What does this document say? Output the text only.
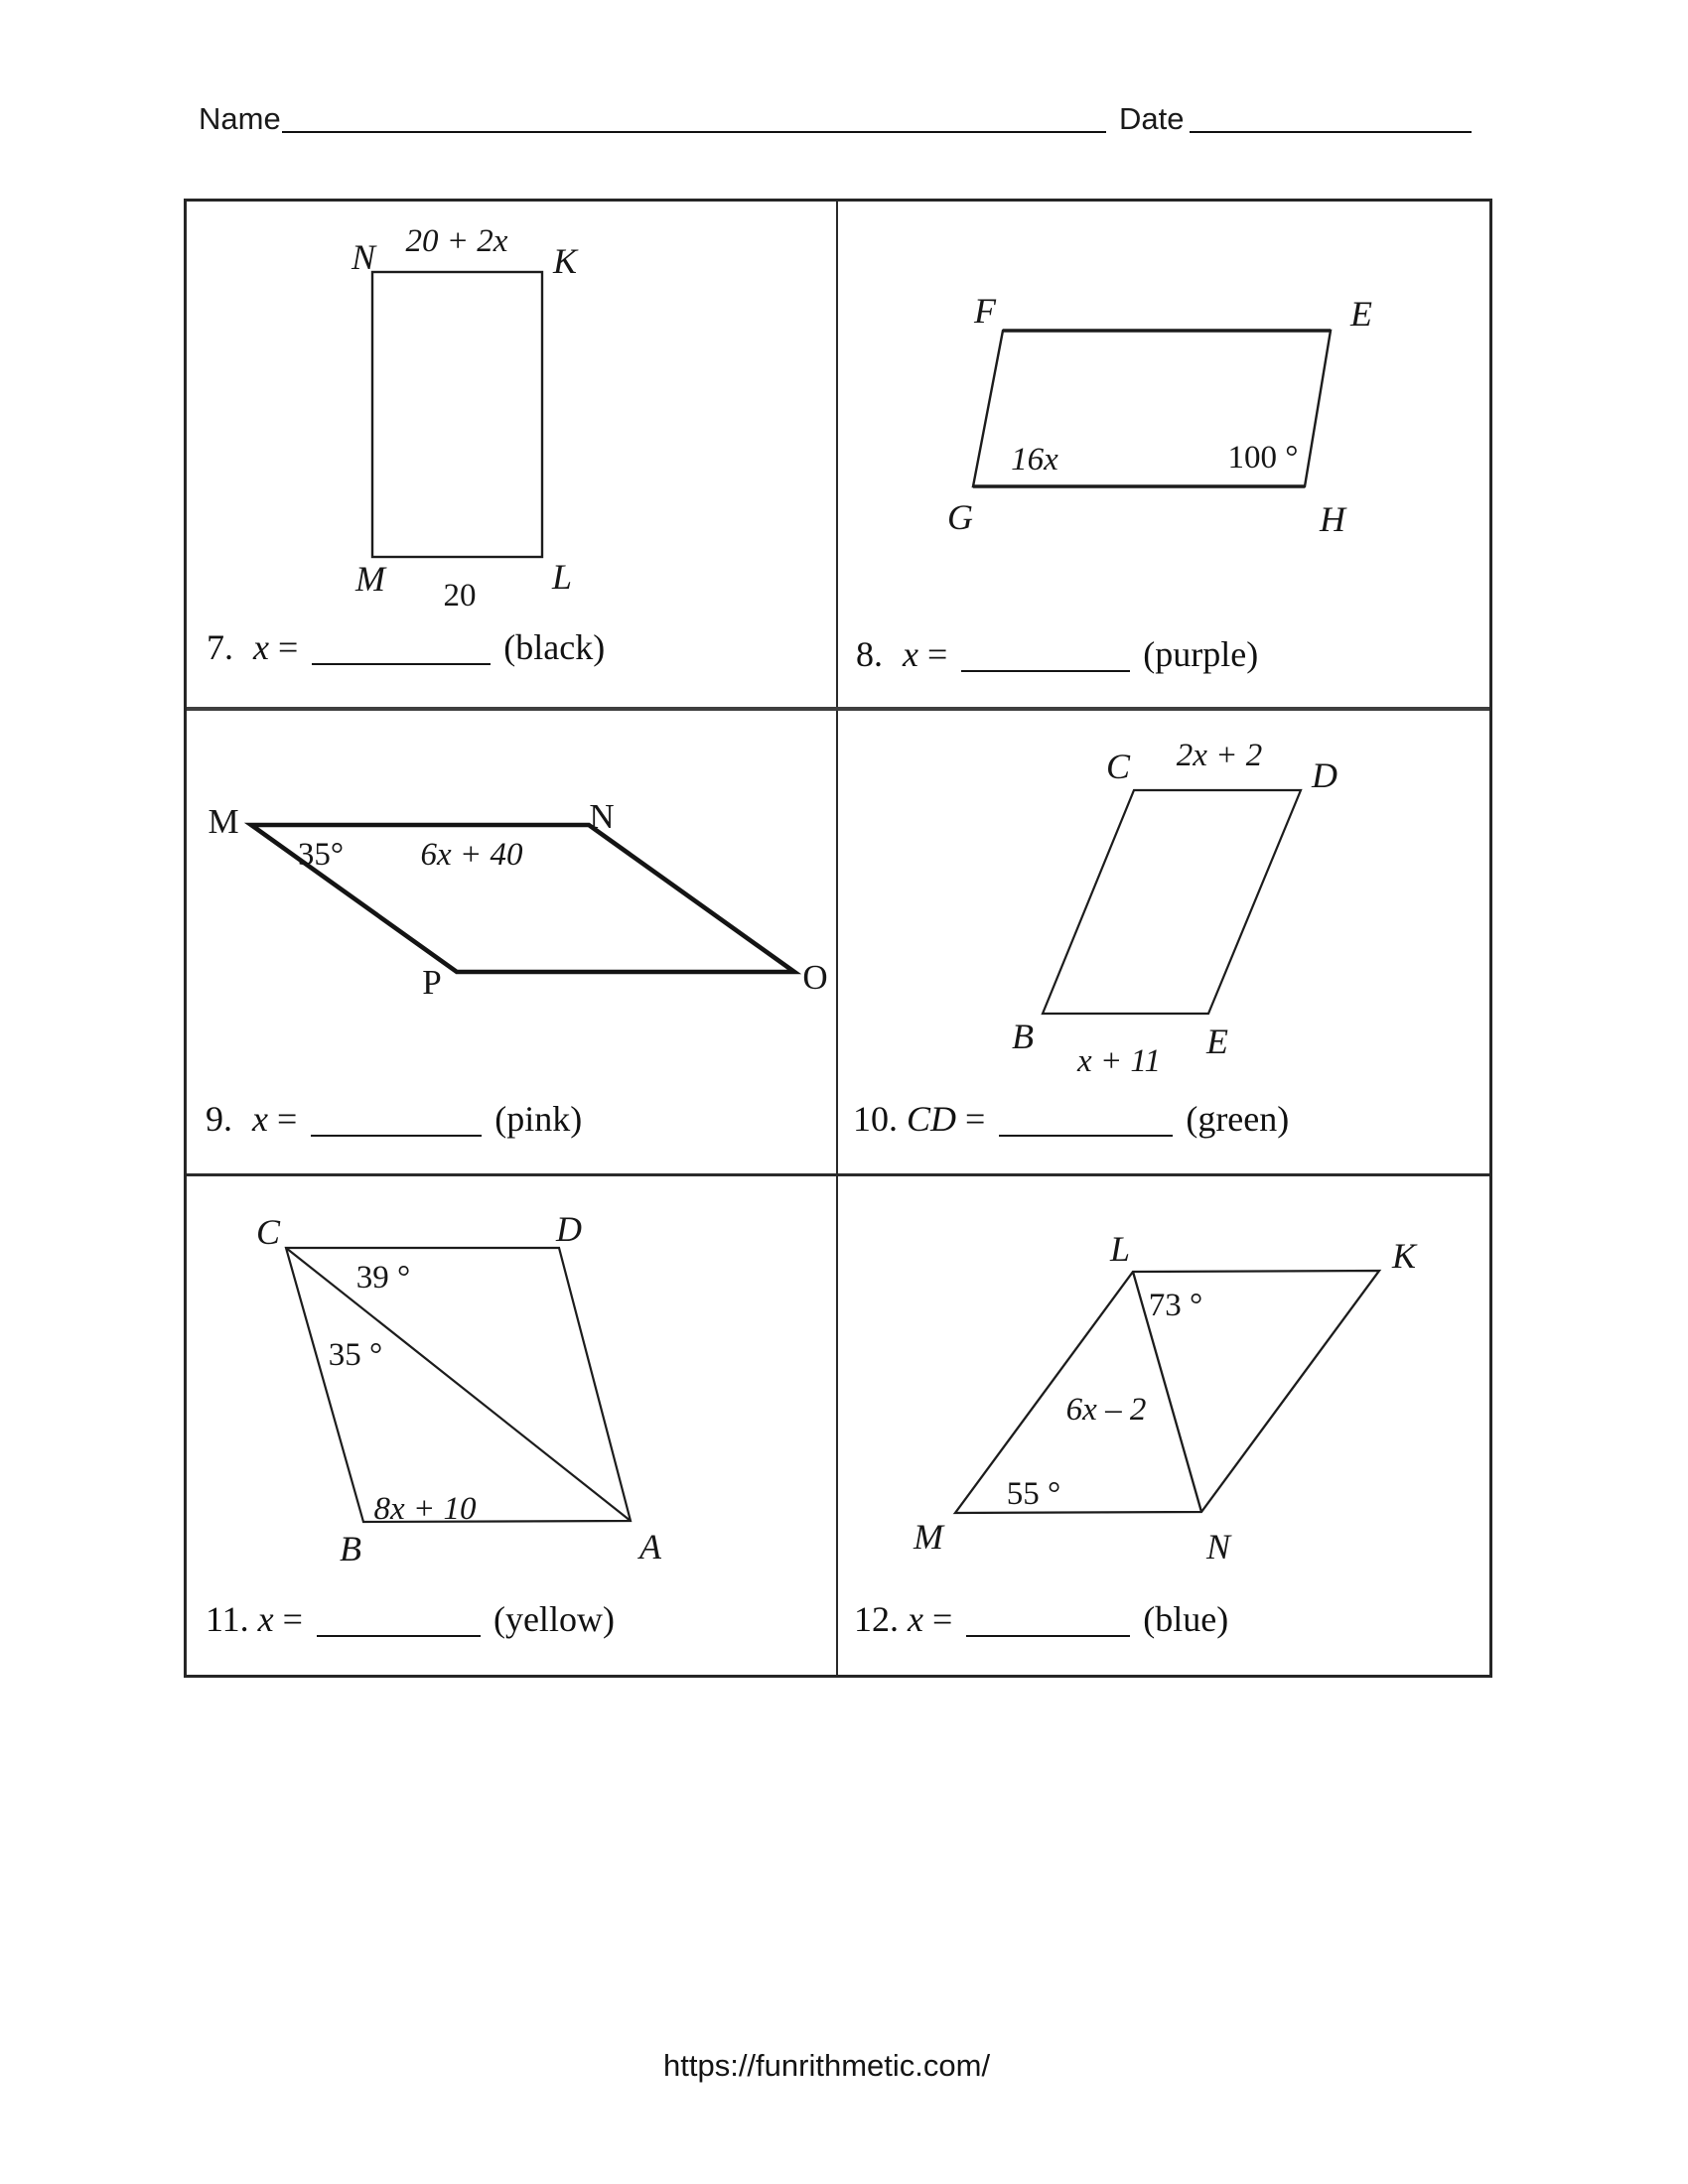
Name	Date
N	K
M	L
20 + 2x
20
7. x =	(black)
F	E
G	H
16x	100 °
8. x =	(purple)
M	N
P	O
35° 6x + 40
9. x =	(pink)
C	D
B	E
2x + 2
x + 11
10. CD =	(green)
C	D
B	A
39 °
35 °
8x + 10
11. x =	(yellow)
L	K
M	N
73 °
6x – 2
55 °
12. x =	(blue)
https://funrithmetic.com/
